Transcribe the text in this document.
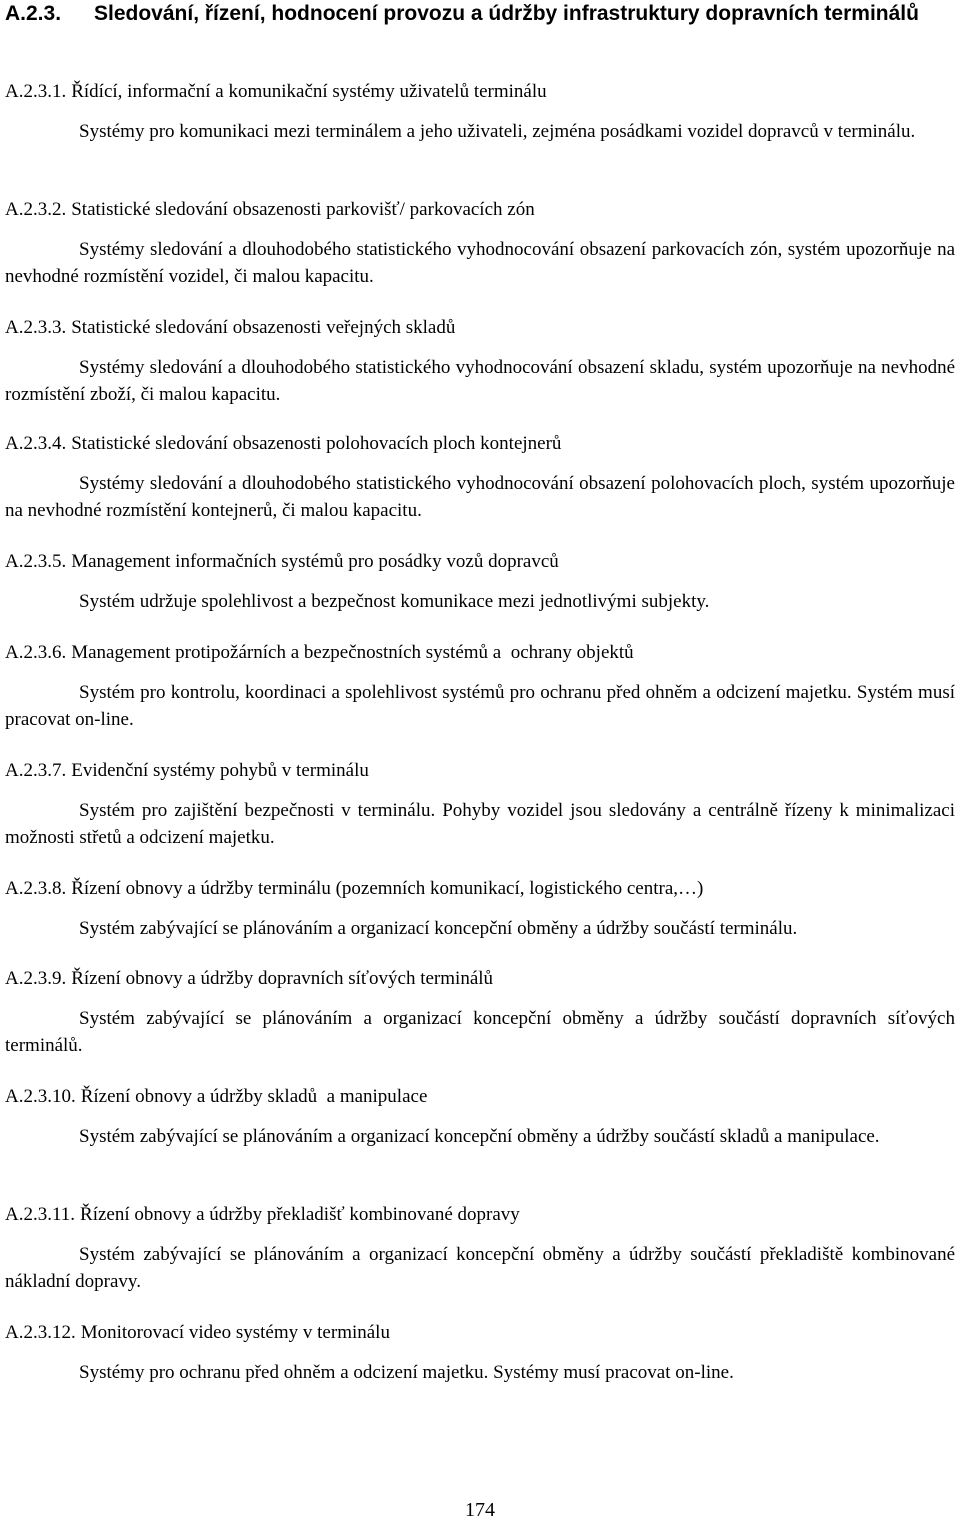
A.2.3.	Sledování, řízení, hodnocení provozu a údržby infrastruktury dopravních terminálů

A.2.3.1. Řídící, informační a komunikační systémy uživatelů terminálu

Systémy pro komunikaci mezi terminálem a jeho uživateli, zejména posádkami vozidel dopravců v terminálu.

A.2.3.2. Statistické sledování obsazenosti parkovišť/ parkovacích zón

Systémy sledování a dlouhodobého statistického vyhodnocování obsazení parkovacích zón, systém upozorňuje na nevhodné rozmístění vozidel, či malou kapacitu.

A.2.3.3. Statistické sledování obsazenosti veřejných skladů

Systémy sledování a dlouhodobého statistického vyhodnocování obsazení skladu, systém upozorňuje na nevhodné rozmístění zboží, či malou kapacitu.

A.2.3.4. Statistické sledování obsazenosti polohovacích ploch kontejnerů

Systémy sledování a dlouhodobého statistického vyhodnocování obsazení polohovacích ploch, systém upozorňuje na nevhodné rozmístění kontejnerů, či malou kapacitu.

A.2.3.5. Management informačních systémů pro posádky vozů dopravců

Systém udržuje spolehlivost a bezpečnost komunikace mezi jednotlivými subjekty.

A.2.3.6. Management protipožárních a bezpečnostních systémů a  ochrany objektů

Systém pro kontrolu, koordinaci a spolehlivost systémů pro ochranu před ohněm a odcizení majetku. Systém musí pracovat on-line.

A.2.3.7. Evidenční systémy pohybů v terminálu

Systém pro zajištění bezpečnosti v terminálu. Pohyby vozidel jsou sledovány a centrálně řízeny k minimalizaci možnosti střetů a odcizení majetku.

A.2.3.8. Řízení obnovy a údržby terminálu (pozemních komunikací, logistického centra,…)

Systém zabývající se plánováním a organizací koncepční obměny a údržby součástí terminálu.

A.2.3.9. Řízení obnovy a údržby dopravních síťových terminálů

Systém zabývající se plánováním a organizací koncepční obměny a údržby součástí dopravních síťových terminálů.

A.2.3.10. Řízení obnovy a údržby skladů  a manipulace

Systém zabývající se plánováním a organizací koncepční obměny a údržby součástí skladů a manipulace.

A.2.3.11. Řízení obnovy a údržby překladišť kombinované dopravy

Systém zabývající se plánováním a organizací koncepční obměny a údržby součástí překladiště kombinované nákladní dopravy.

A.2.3.12. Monitorovací video systémy v terminálu

Systémy pro ochranu před ohněm a odcizení majetku. Systémy musí pracovat on-line.

174
